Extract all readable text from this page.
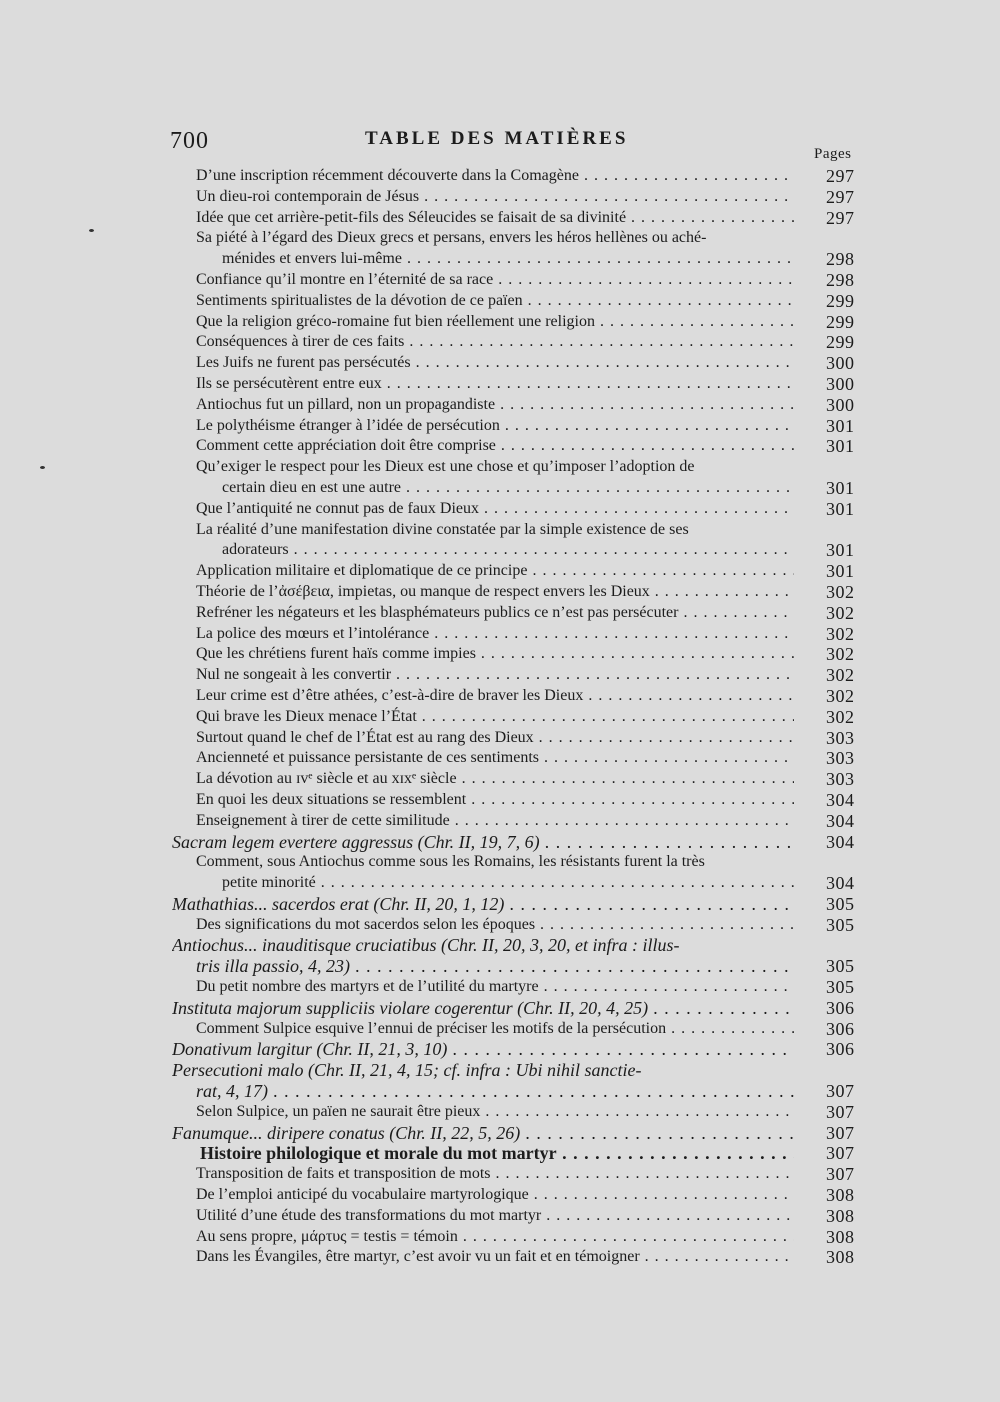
700	TABLE DES MATIÈRES
Pages
D’une inscription récemment découverte dans la Comagène . . .	297
Un dieu-roi contemporain de Jésus . . .	297
Idée que cet arrière-petit-fils des Séleucides se faisait de sa divinité . . .	297
Sa piété à l’égard des Dieux grecs et persans, envers les héros hellènes ou aché-
ménides et envers lui-même . . .	298
Confiance qu’il montre en l’éternité de sa race . . .	298
Sentiments spiritualistes de la dévotion de ce païen . . .	299
Que la religion gréco-romaine fut bien réellement une religion . . .	299
Conséquences à tirer de ces faits . . .	299
Les Juifs ne furent pas persécutés . . .	300
Ils se persécutèrent entre eux . . .	300
Antiochus fut un pillard, non un propagandiste . . .	300
Le polythéisme étranger à l’idée de persécution . . .	301
Comment cette appréciation doit être comprise . . .	301
Qu’exiger le respect pour les Dieux est une chose et qu’imposer l’adoption de
certain dieu en est une autre . . .	301
Que l’antiquité ne connut pas de faux Dieux . . .	301
La réalité d’une manifestation divine constatée par la simple existence de ses
adorateurs . . .	301
Application militaire et diplomatique de ce principe . . .	301
Théorie de l’ἀσέβεια, impietas, ou manque de respect envers les Dieux . . .	302
Refréner les négateurs et les blasphémateurs publics ce n’est pas persécuter . . .	302
La police des mœurs et l’intolérance . . .	302
Que les chrétiens furent haïs comme impies . . .	302
Nul ne songeait à les convertir . . .	302
Leur crime est d’être athées, c’est-à-dire de braver les Dieux . . .	302
Qui brave les Dieux menace l’État . . .	302
Surtout quand le chef de l’État est au rang des Dieux . . .	303
Ancienneté et puissance persistante de ces sentiments . . .	303
La dévotion au ɪᴠᵉ siècle et au xɪxᵉ siècle . . .	303
En quoi les deux situations se ressemblent . . .	304
Enseignement à tirer de cette similitude . . .	304
Sacram legem evertere aggressus (Chr. II, 19, 7, 6) . . .	304
Comment, sous Antiochus comme sous les Romains, les résistants furent la très
petite minorité . . .	304
Mathathias... sacerdos erat (Chr. II, 20, 1, 12) . . .	305
Des significations du mot sacerdos selon les époques . . .	305
Antiochus... inauditisque cruciatibus (Chr. II, 20, 3, 20, et infra : illus-
tris illa passio, 4, 23) . . .	305
Du petit nombre des martyrs et de l’utilité du martyre . . .	305
Instituta majorum suppliciis violare cogerentur (Chr. II, 20, 4, 25) . . .	306
Comment Sulpice esquive l’ennui de préciser les motifs de la persécution . . .	306
Donativum largitur (Chr. II, 21, 3, 10) . . .	306
Persecutioni malo (Chr. II, 21, 4, 15; cf. infra : Ubi nihil sanctie-
rat, 4, 17) . . .	307
Selon Sulpice, un païen ne saurait être pieux . . .	307
Fanumque... diripere conatus (Chr. II, 22, 5, 26) . . .	307
Histoire philologique et morale du mot martyr . . .	307
Transposition de faits et transposition de mots . . .	307
De l’emploi anticipé du vocabulaire martyrologique . . .	308
Utilité d’une étude des transformations du mot martyr . . .	308
Au sens propre, μάρτυς = testis = témoin . . .	308
Dans les Évangiles, être martyr, c’est avoir vu un fait et en témoigner . . .	308
